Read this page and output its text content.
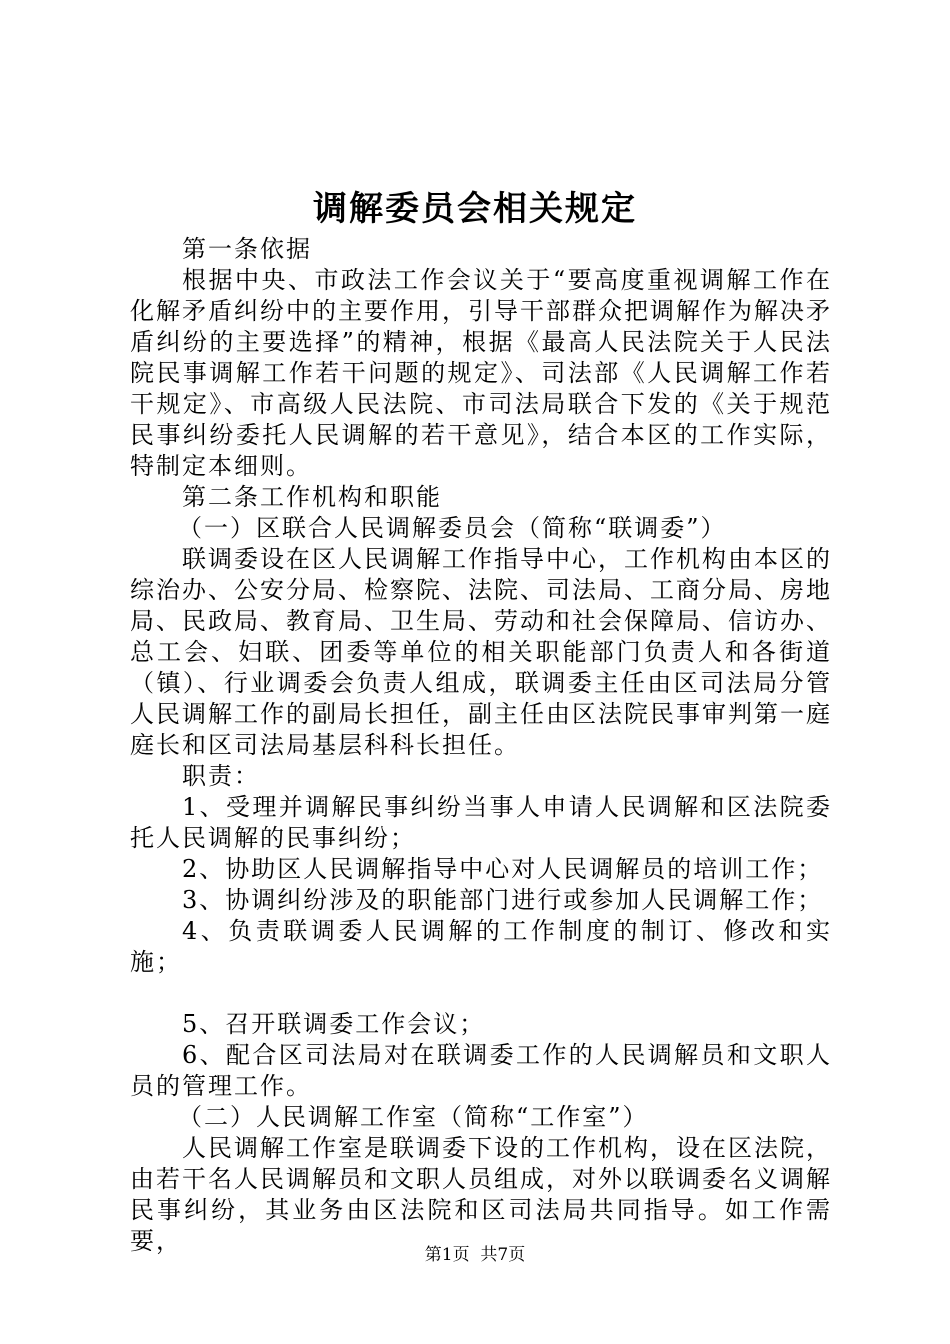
调解委员会相关规定

第一条依据

根据中央、市政法工作会议关于“要高度重视调解工作在化解矛盾纠纷中的主要作用，引导干部群众把调解作为解决矛盾纠纷的主要选择”的精神，根据《最高人民法院关于人民法院民事调解工作若干问题的规定》、司法部《人民调解工作若干规定》、市高级人民法院、市司法局联合下发的《关于规范民事纠纷委托人民调解的若干意见》，结合本区的工作实际，特制定本细则。

第二条工作机构和职能

（一）区联合人民调解委员会（简称“联调委”）

联调委设在区人民调解工作指导中心，工作机构由本区的综治办、公安分局、检察院、法院、司法局、工商分局、房地局、民政局、教育局、卫生局、劳动和社会保障局、信访办、总工会、妇联、团委等单位的相关职能部门负责人和各街道（镇）、行业调委会负责人组成，联调委主任由区司法局分管人民调解工作的副局长担任，副主任由区法院民事审判第一庭庭长和区司法局基层科科长担任。

职责：

1、受理并调解民事纠纷当事人申请人民调解和区法院委托人民调解的民事纠纷；

2、协助区人民调解指导中心对人民调解员的培训工作；

3、协调纠纷涉及的职能部门进行或参加人民调解工作；

4、负责联调委人民调解的工作制度的制订、修改和实施；

5、召开联调委工作会议；

6、配合区司法局对在联调委工作的人民调解员和文职人员的管理工作。

（二）人民调解工作室（简称“工作室”）

人民调解工作室是联调委下设的工作机构，设在区法院，由若干名人民调解员和文职人员组成，对外以联调委名义调解民事纠纷，其业务由区法院和区司法局共同指导。如工作需要，	第1页 共7页
